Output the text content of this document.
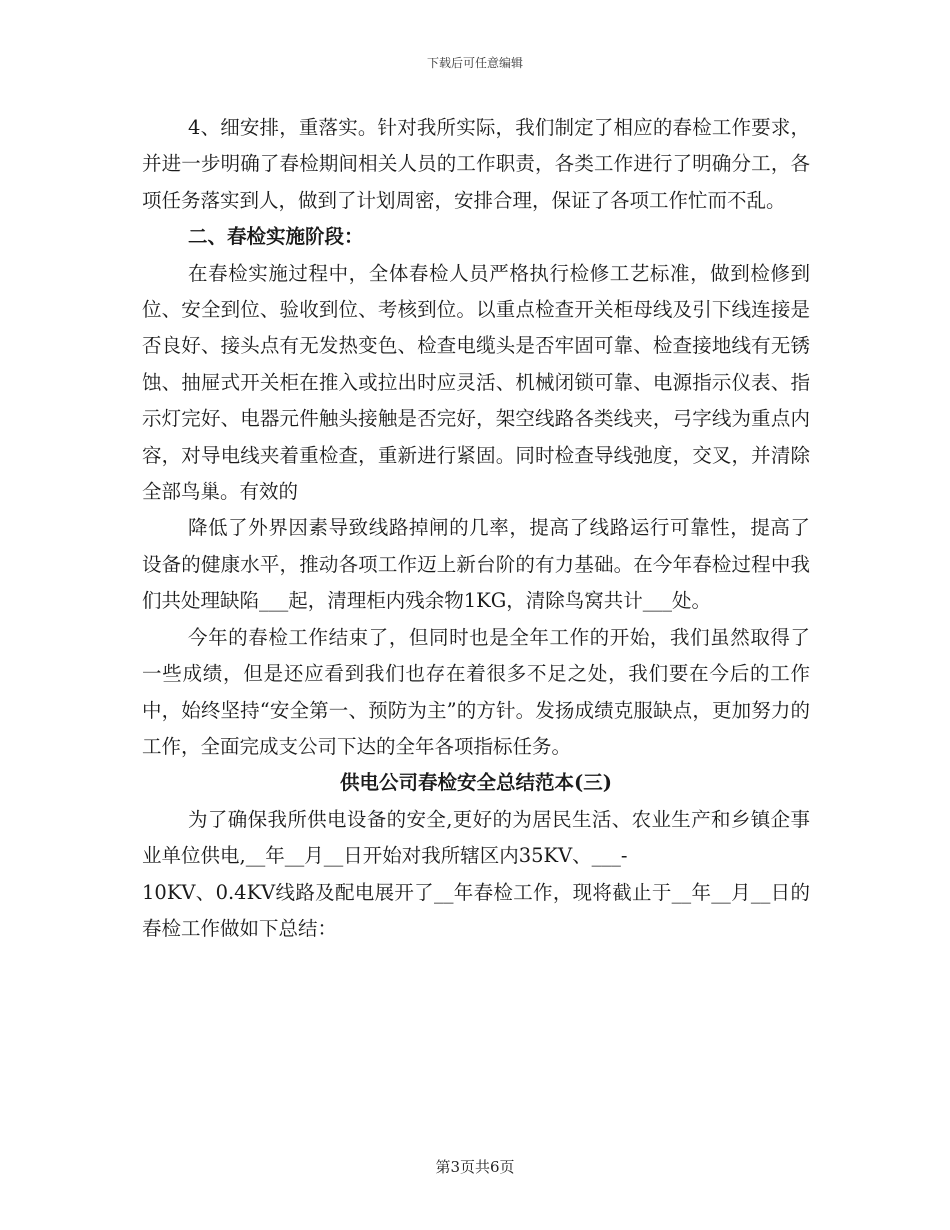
下载后可任意编辑

4、细安排，重落实。针对我所实际，我们制定了相应的春检工作要求，并进一步明确了春检期间相关人员的工作职责，各类工作进行了明确分工，各项任务落实到人，做到了计划周密，安排合理，保证了各项工作忙而不乱。

二、春检实施阶段：

在春检实施过程中，全体春检人员严格执行检修工艺标准，做到检修到位、安全到位、验收到位、考核到位。以重点检查开关柜母线及引下线连接是否良好、接头点有无发热变色、检查电缆头是否牢固可靠、检查接地线有无锈蚀、抽屉式开关柜在推入或拉出时应灵活、机械闭锁可靠、电源指示仪表、指示灯完好、电器元件触头接触是否完好，架空线路各类线夹，弓字线为重点内容，对导电线夹着重检查，重新进行紧固。同时检查导线弛度，交叉，并清除全部鸟巢。有效的

降低了外界因素导致线路掉闸的几率，提高了线路运行可靠性，提高了设备的健康水平，推动各项工作迈上新台阶的有力基础。在今年春检过程中我们共处理缺陷___起，清理柜内残余物1KG，清除鸟窝共计___处。

今年的春检工作结束了，但同时也是全年工作的开始，我们虽然取得了一些成绩，但是还应看到我们也存在着很多不足之处，我们要在今后的工作中，始终坚持“安全第一、预防为主”的方针。发扬成绩克服缺点，更加努力的工作，全面完成支公司下达的全年各项指标任务。

供电公司春检安全总结范本(三)

为了确保我所供电设备的安全,更好的为居民生活、农业生产和乡镇企事业单位供电,__年__月__日开始对我所辖区内35KV、___-

10KV、0.4KV线路及配电展开了__年春检工作，现将截止于__年__月__日的春检工作做如下总结：

第3页共6页
